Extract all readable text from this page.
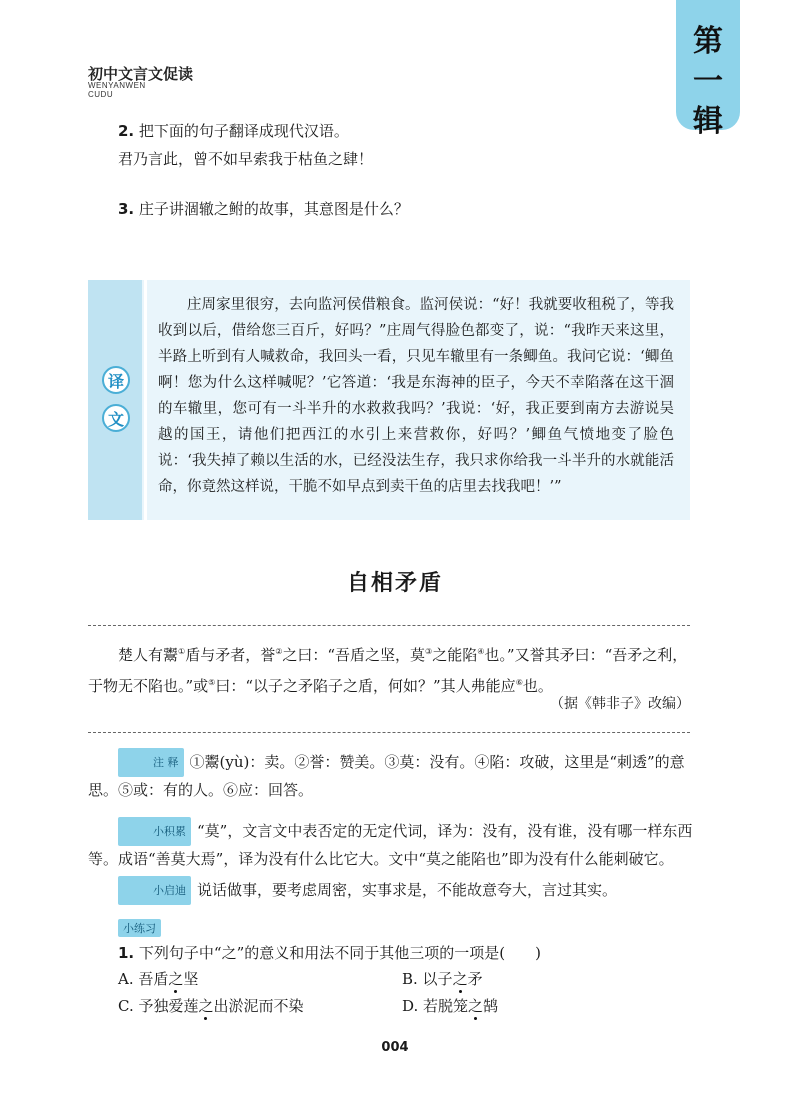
初中文言文促读
WENYANWEN
CUDU
第
一
辑
2. 把下面的句子翻译成现代汉语。
君乃言此，曾不如早索我于枯鱼之肆！
3. 庄子讲涸辙之鲋的故事，其意图是什么？
译
文

庄周家里很穷，去向监河侯借粮食。监河侯说：“好！我就要收租税了，等我收到以后，借给您三百斤，好吗？”庄周气得脸色都变了，说：“我昨天来这里，半路上听到有人喊救命，我回头一看，只见车辙里有一条鲫鱼。我问它说：‘鲫鱼啊！您为什么这样喊呢？’它答道：‘我是东海神的臣子，今天不幸陷落在这干涸的车辙里，您可有一斗半升的水救救我吗？’我说：‘好，我正要到南方去游说吴越的国王，请他们把西江的水引上来营救你，好吗？’鲫鱼气愤地变了脸色说：‘我失掉了赖以生活的水，已经没法生存，我只求你给我一斗半升的水就能活命，你竟然这样说，干脆不如早点到卖干鱼的店里去找我吧！’”

自相矛盾

楚人有鬻①盾与矛者，誉②之曰：“吾盾之坚，莫③之能陷④也。”又誉其矛曰：“吾矛之利，于物无不陷也。”或⑤曰：“以子之矛陷子之盾，何如？”其人弗能应⑥也。

（据《韩非子》改编）

注 释 ①鬻(yù)：卖。②誉：赞美。③莫：没有。④陷：攻破，这里是“刺透”的意思。⑤或：有的人。⑥应：回答。

小积累 “莫”，文言文中表否定的无定代词，译为：没有，没有谁，没有哪一样东西等。成语“善莫大焉”，译为没有什么比它大。文中“莫之能陷也”即为没有什么能刺破它。

小启迪 说话做事，要考虑周密，实事求是，不能故意夸大，言过其实。

小练习
1. 下列句子中“之”的意义和用法不同于其他三项的一项是(　　)
A. 吾盾之坚	B. 以子之矛
C. 予独爱莲之出淤泥而不染	D. 若脱笼之鹄
004
